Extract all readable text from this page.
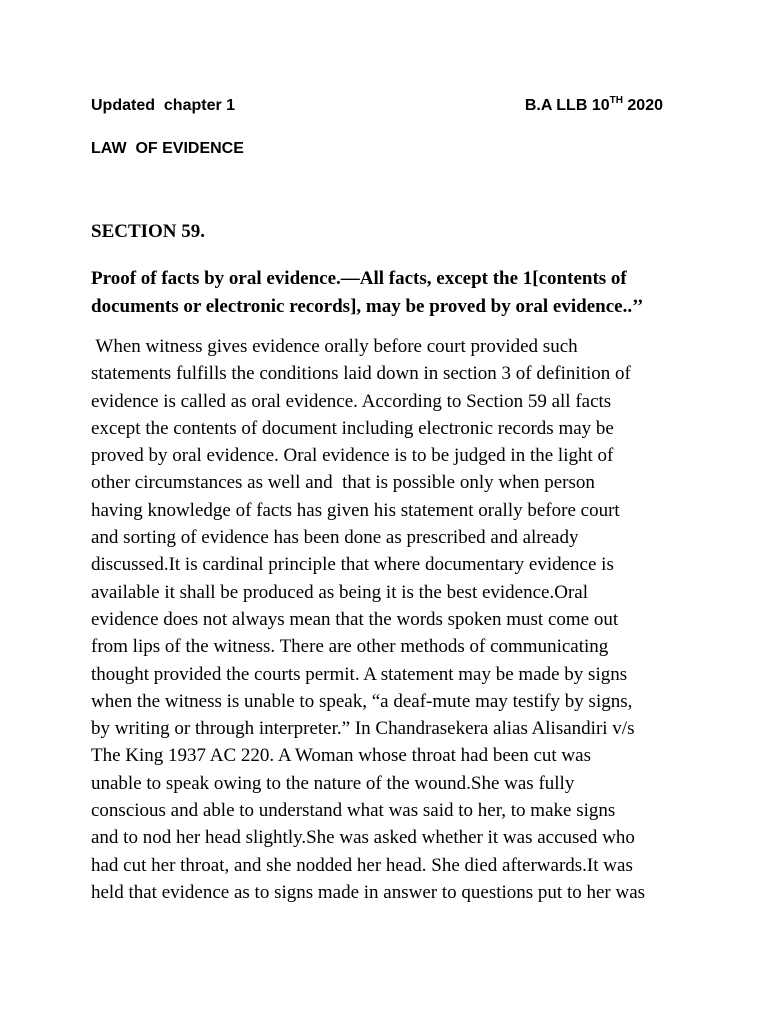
Updated  chapter 1	B.A LLB 10TH 2020
LAW  OF EVIDENCE
SECTION 59.
Proof of facts by oral evidence.—All facts, except the 1[contents of
documents or electronic records], may be proved by oral evidence..’’
When witness gives evidence orally before court provided such
statements fulfills the conditions laid down in section 3 of definition of
evidence is called as oral evidence. According to Section 59 all facts
except the contents of document including electronic records may be
proved by oral evidence. Oral evidence is to be judged in the light of
other circumstances as well and  that is possible only when person
having knowledge of facts has given his statement orally before court
and sorting of evidence has been done as prescribed and already
discussed.It is cardinal principle that where documentary evidence is
available it shall be produced as being it is the best evidence.Oral
evidence does not always mean that the words spoken must come out
from lips of the witness. There are other methods of communicating
thought provided the courts permit. A statement may be made by signs
when the witness is unable to speak, “a deaf-mute may testify by signs,
by writing or through interpreter.” In Chandrasekera alias Alisandiri v/s
The King 1937 AC 220. A Woman whose throat had been cut was
unable to speak owing to the nature of the wound.She was fully
conscious and able to understand what was said to her, to make signs
and to nod her head slightly.She was asked whether it was accused who
had cut her throat, and she nodded her head. She died afterwards.It was
held that evidence as to signs made in answer to questions put to her was
